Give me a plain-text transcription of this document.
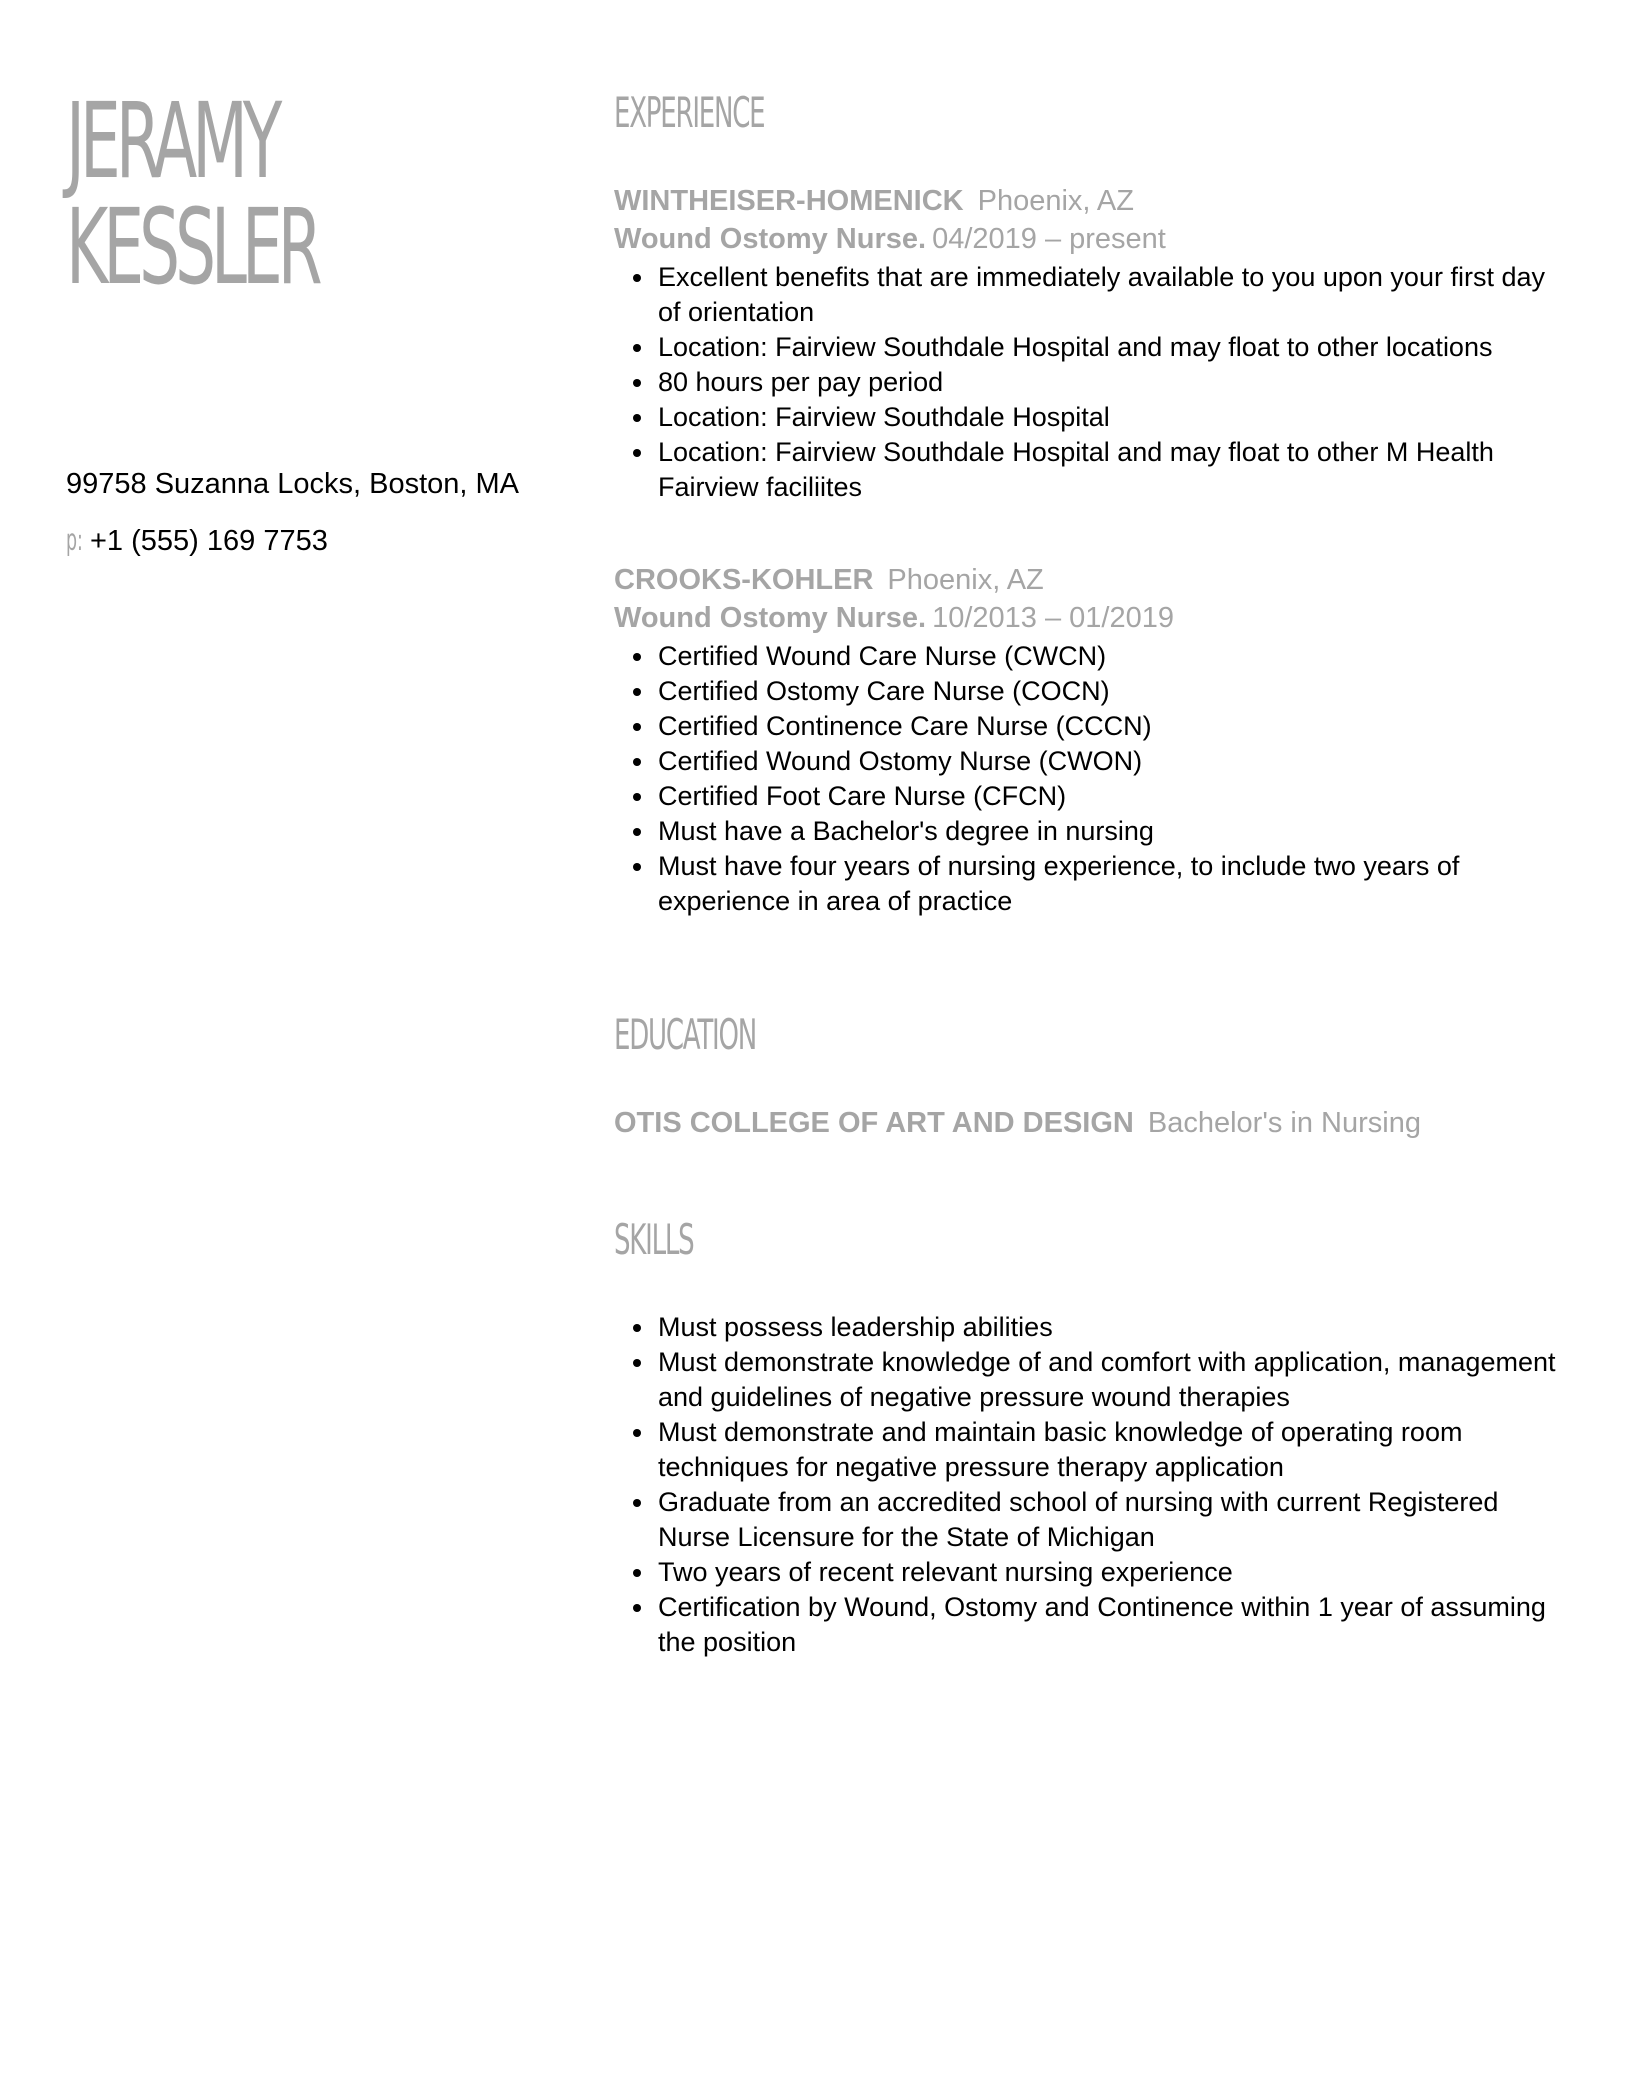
JERAMY
KESSLER

99758 Suzanna Locks, Boston, MA

p: +1 (555) 169 7753

EXPERIENCE

WINTHEISER-HOMENICK Phoenix, AZ

Wound Ostomy Nurse. 04/2019 – present

• Excellent benefits that are immediately available to you upon your first day of orientation
• Location: Fairview Southdale Hospital and may float to other locations
• 80 hours per pay period
• Location: Fairview Southdale Hospital
• Location: Fairview Southdale Hospital and may float to other M Health Fairview faciliites

CROOKS-KOHLER Phoenix, AZ

Wound Ostomy Nurse. 10/2013 – 01/2019

• Certified Wound Care Nurse (CWCN)
• Certified Ostomy Care Nurse (COCN)
• Certified Continence Care Nurse (CCCN)
• Certified Wound Ostomy Nurse (CWON)
• Certified Foot Care Nurse (CFCN)
• Must have a Bachelor's degree in nursing
• Must have four years of nursing experience, to include two years of experience in area of practice
EDUCATION

OTIS COLLEGE OF ART AND DESIGN Bachelor's in Nursing

SKILLS
• Must possess leadership abilities
• Must demonstrate knowledge of and comfort with application, management and guidelines of negative pressure wound therapies
• Must demonstrate and maintain basic knowledge of operating room techniques for negative pressure therapy application
• Graduate from an accredited school of nursing with current Registered Nurse Licensure for the State of Michigan
• Two years of recent relevant nursing experience
• Certification by Wound, Ostomy and Continence within 1 year of assuming the position
